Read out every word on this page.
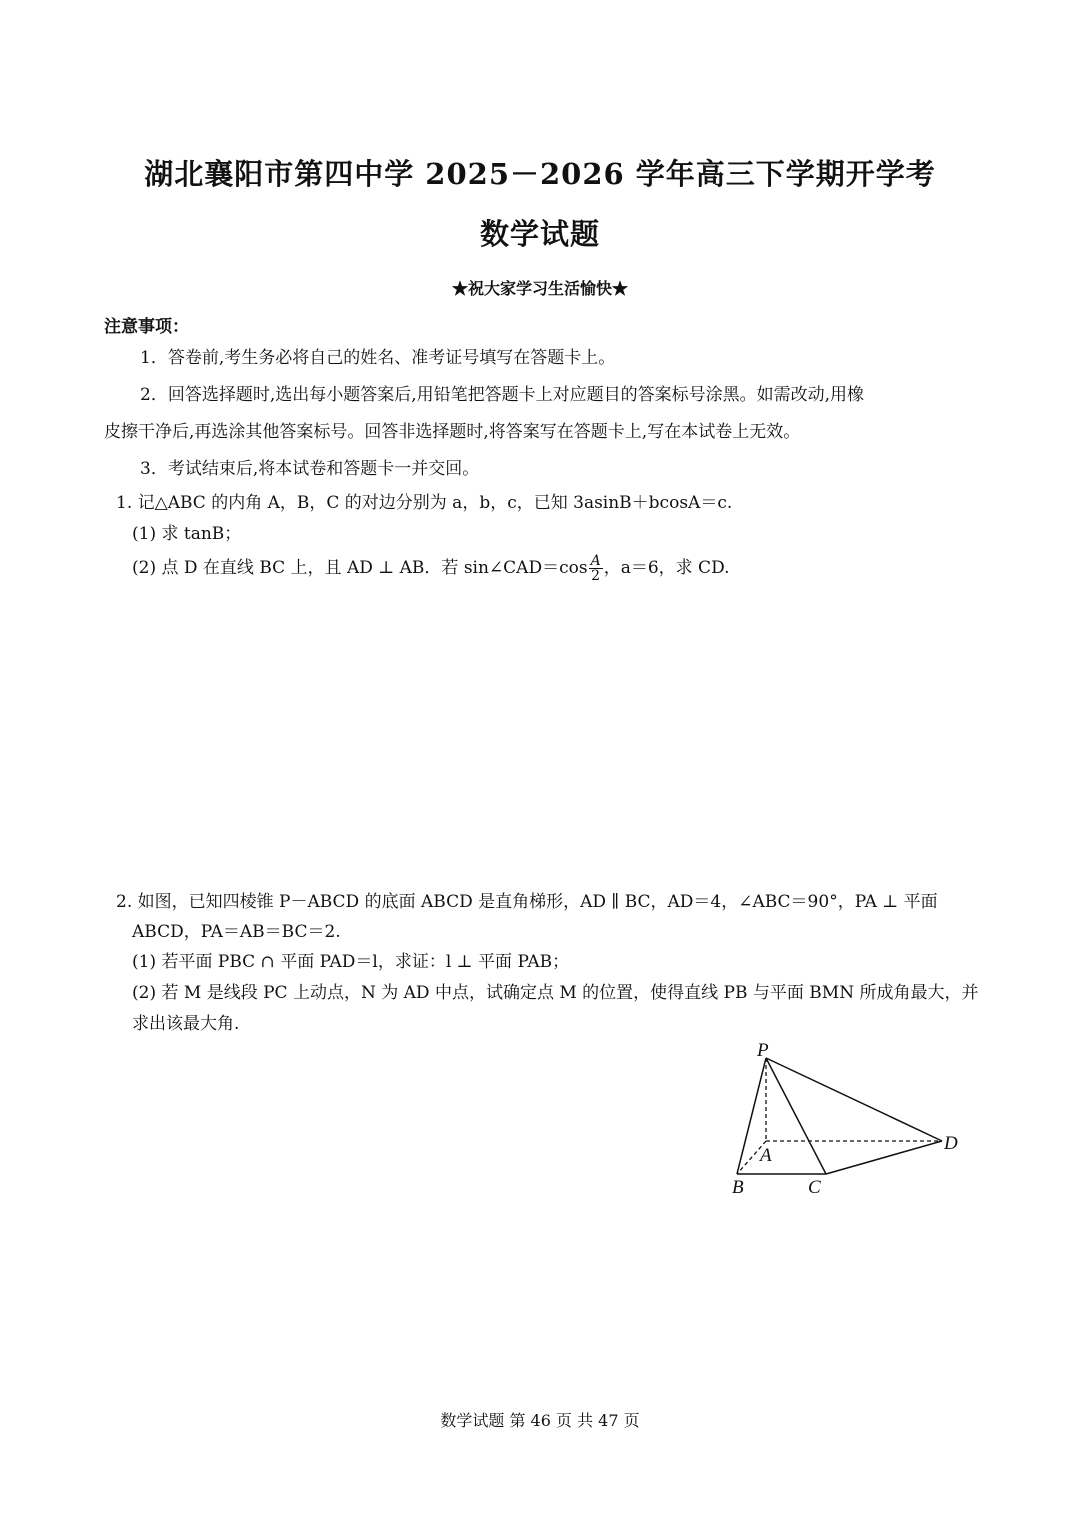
湖北襄阳市第四中学 2025－2026 学年高三下学期开学考
数学试题
★祝大家学习生活愉快★
注意事项：
1．答卷前,考生务必将自己的姓名、准考证号填写在答题卡上。
2．回答选择题时,选出每小题答案后,用铅笔把答题卡上对应题目的答案标号涂黑。如需改动,用橡
皮擦干净后,再选涂其他答案标号。回答非选择题时,将答案写在答题卡上,写在本试卷上无效。
3．考试结束后,将本试卷和答题卡一并交回。
1. 记△ABC 的内角 A，B，C 的对边分别为 a，b，c，已知 3asinB＋bcosA＝c.
(1) 求 tanB；
(2) 点 D 在直线 BC 上，且 AD ⊥ AB．若 sin∠CAD＝cos $\frac{A}{2}$ ，a＝6，求 CD.
2. 如图，已知四棱锥 P－ABCD 的底面 ABCD 是直角梯形，AD ∥ BC，AD＝4，∠ABC＝90°，PA ⊥ 平面
ABCD，PA＝AB＝BC＝2.
(1) 若平面 PBC ∩ 平面 PAD＝l，求证：l ⊥ 平面 PAB；
(2) 若 M 是线段 PC 上动点，N 为 AD 中点，试确定点 M 的位置，使得直线 PB 与平面 BMN 所成角最大，并
求出该最大角.
P
A
B	C
D
数学试题 第 46 页 共 47 页
